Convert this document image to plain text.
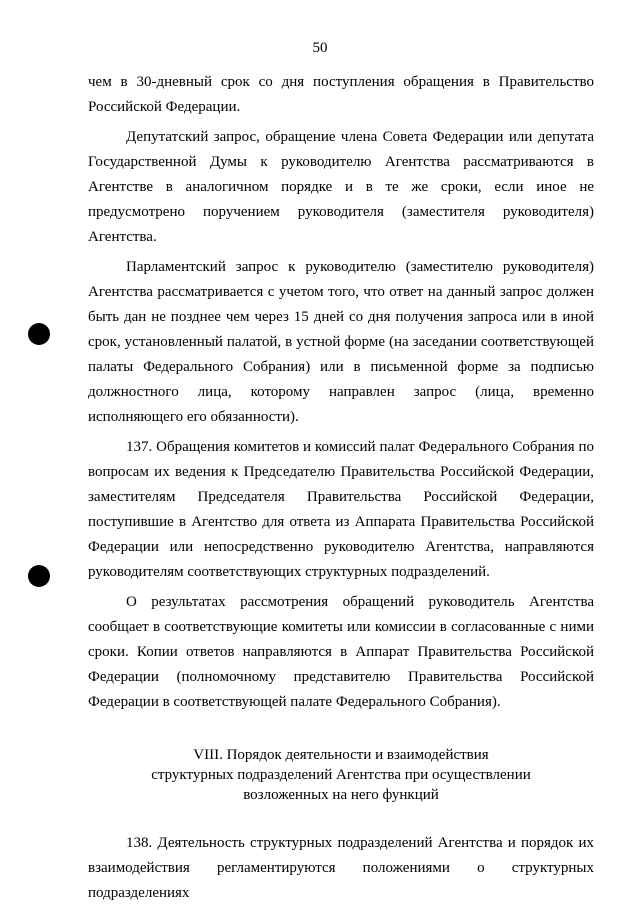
50

чем в 30-дневный срок со дня поступления обращения в Правительство Российской Федерации.

Депутатский запрос, обращение члена Совета Федерации или депутата Государственной Думы к руководителю Агентства рассматриваются в Агентстве в аналогичном порядке и в те же сроки, если иное не предусмотрено поручением руководителя (заместителя руководителя) Агентства.

Парламентский запрос к руководителю (заместителю руководителя) Агентства рассматривается с учетом того, что ответ на данный запрос должен быть дан не позднее чем через 15 дней со дня получения запроса или в иной срок, установленный палатой, в устной форме (на заседании соответствующей палаты Федерального Собрания) или в письменной форме за подписью должностного лица, которому направлен запрос (лица, временно исполняющего его обязанности).

137. Обращения комитетов и комиссий палат Федерального Собрания по вопросам их ведения к Председателю Правительства Российской Федерации, заместителям Председателя Правительства Российской Федерации, поступившие в Агентство для ответа из Аппарата Правительства Российской Федерации или непосредственно руководителю Агентства, направляются руководителям соответствующих структурных подразделений.

О результатах рассмотрения обращений руководитель Агентства сообщает в соответствующие комитеты или комиссии в согласованные с ними сроки. Копии ответов направляются в Аппарат Правительства Российской Федерации (полномочному представителю Правительства Российской Федерации в соответствующей палате Федерального Собрания).

VIII. Порядок деятельности и взаимодействия
структурных подразделений Агентства при осуществлении
возложенных на него функций

138. Деятельность структурных подразделений Агентства и порядок их взаимодействия регламентируются положениями о структурных подразделениях
